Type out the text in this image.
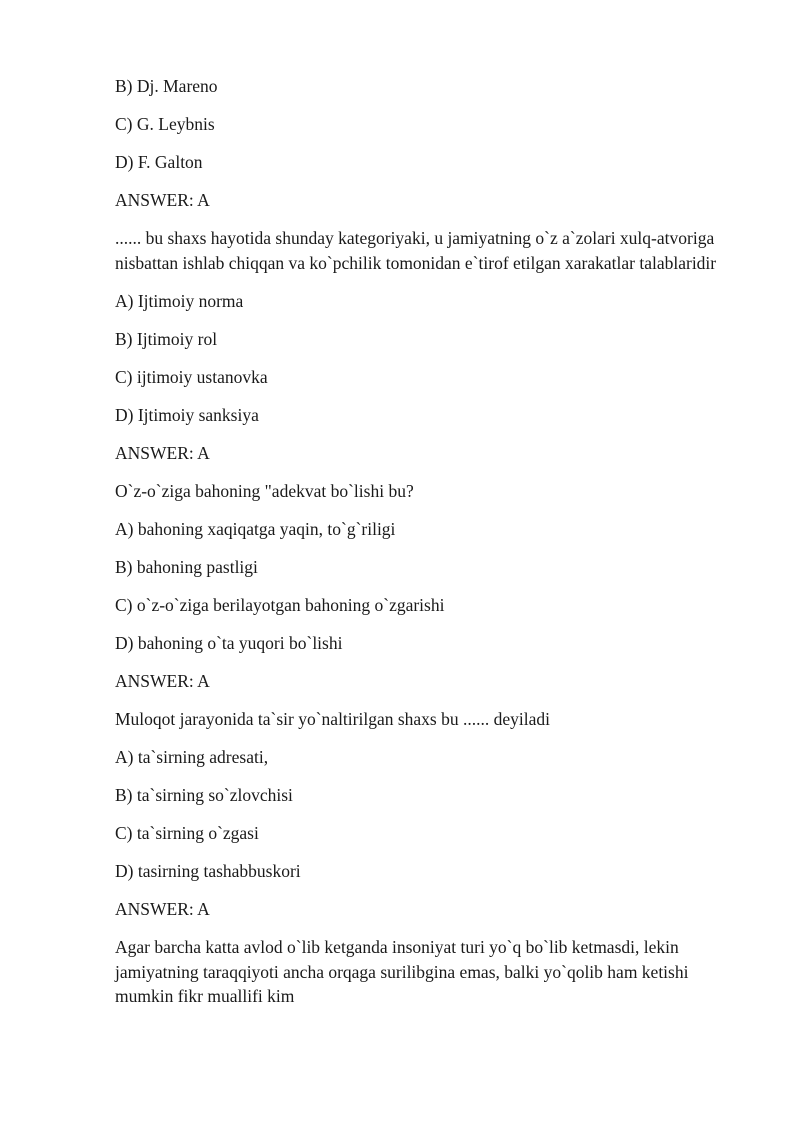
B) Dj. Mareno

C) G. Leybnis

D) F. Galton

ANSWER: A

...... bu shaxs hayotida shunday kategoriyaki, u jamiyatning o`z a`zolari xulq-atvoriga nisbattan ishlab chiqqan va ko`pchilik tomonidan e`tirof etilgan xarakatlar talablaridir

A) Ijtimoiy norma

B) Ijtimoiy rol

C) ijtimoiy ustanovka

D) Ijtimoiy sanksiya

ANSWER: A

O`z-o`ziga bahoning "adekvat bo`lishi bu?

A) bahoning xaqiqatga yaqin, to`g`riligi

B) bahoning pastligi

C) o`z-o`ziga berilayotgan bahoning o`zgarishi

D) bahoning o`ta yuqori bo`lishi

ANSWER: A

Muloqot jarayonida ta`sir yo`naltirilgan shaxs bu ...... deyiladi

A) ta`sirning adresati,

B) ta`sirning so`zlovchisi

C) ta`sirning o`zgasi

D) tasirning tashabbuskori

ANSWER: A

Agar barcha katta avlod o`lib ketganda insoniyat turi yo`q bo`lib ketmasdi, lekin jamiyatning taraqqiyoti ancha orqaga surilibgina emas, balki yo`qolib ham ketishi mumkin fikr muallifi kim
